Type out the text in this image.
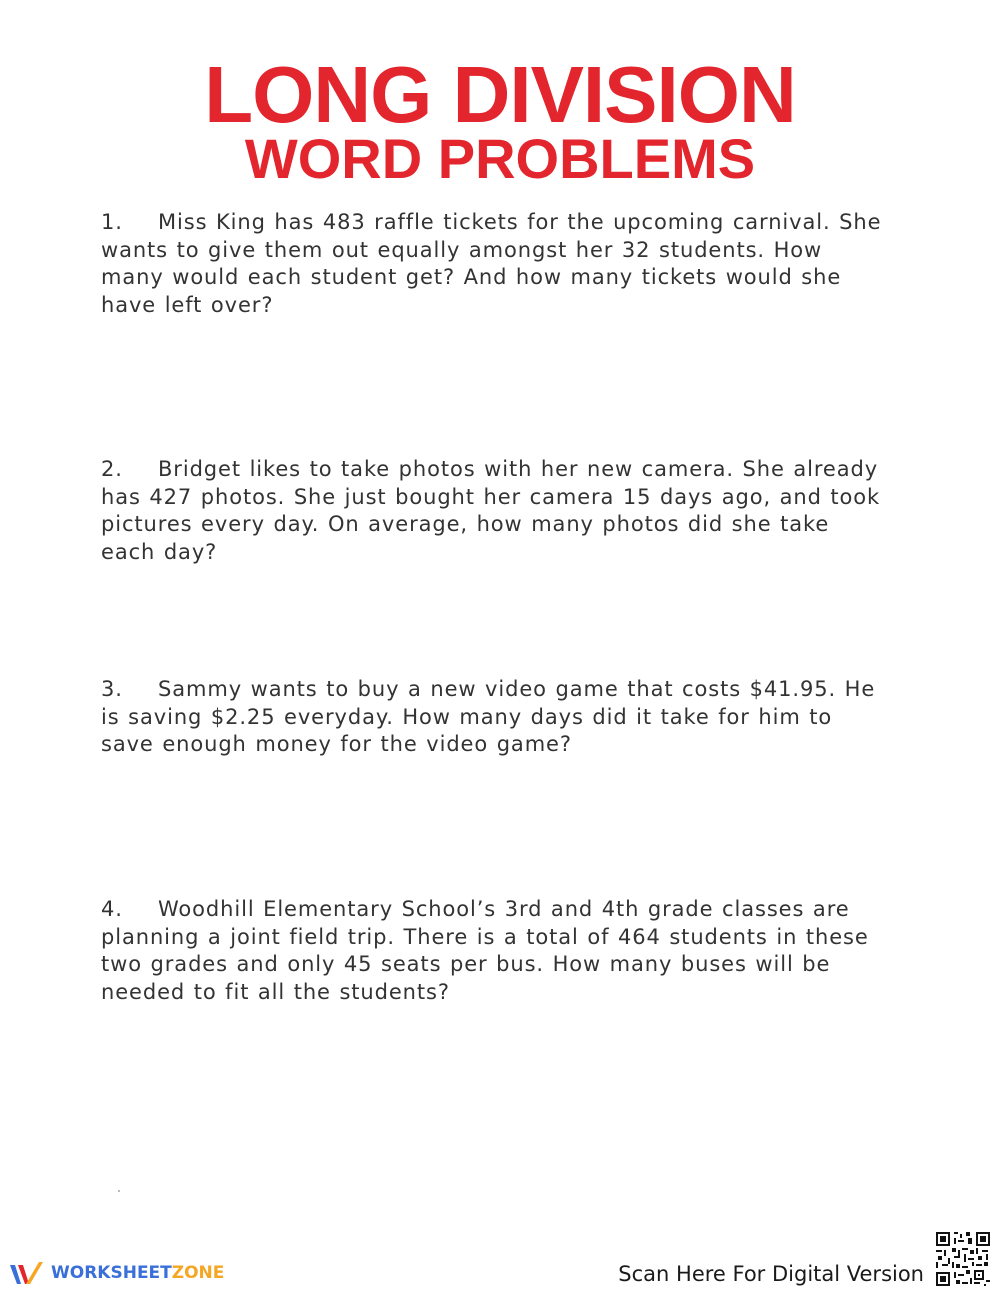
LONG DIVISION
WORD PROBLEMS
1. Miss King has 483 raffle tickets for the upcoming carnival. She wants to give them out equally amongst her 32 students. How many would each student get? And how many tickets would she have left over?
2. Bridget likes to take photos with her new camera. She already has 427 photos. She just bought her camera 15 days ago, and took pictures every day. On average, how many photos did she take each day?
3. Sammy wants to buy a new video game that costs $41.95. He is saving $2.25 everyday. How many days did it take for him to save enough money for the video game?
4. Woodhill Elementary School’s 3rd and 4th grade classes are planning a joint field trip. There is a total of 464 students in these two grades and only 45 seats per bus. How many buses will be needed to fit all the students?
WORKSHEETZONE	Scan Here For Digital Version
